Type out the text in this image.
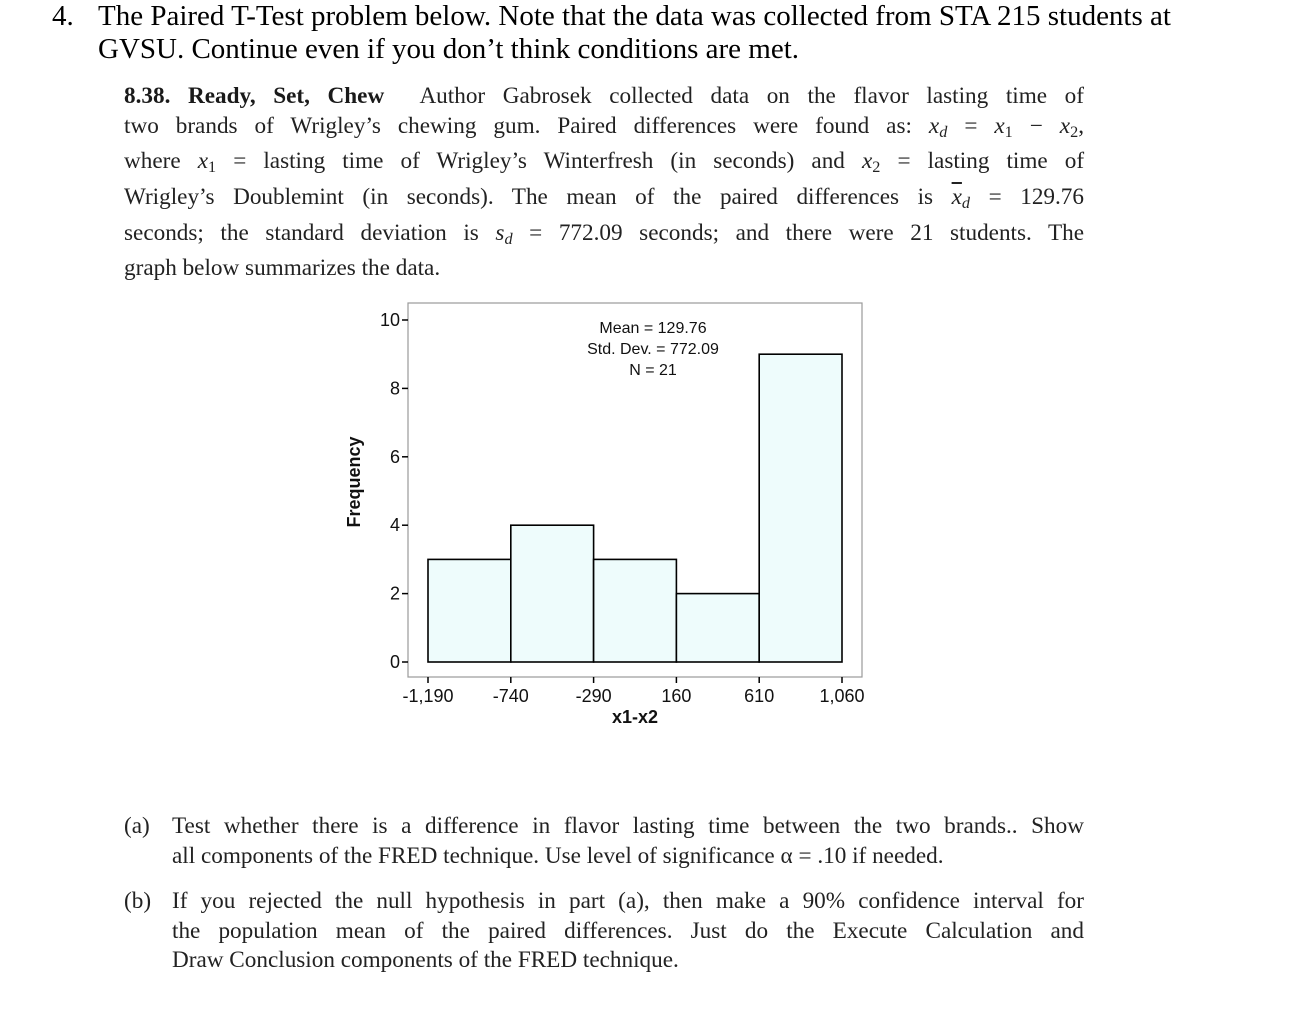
4. The Paired T-Test problem below. Note that the data was collected from STA 215 students at
GVSU. Continue even if you don’t think conditions are met.
8.38. Ready, Set, Chew Author Gabrosek collected data on the flavor lasting time of
two brands of Wrigley’s chewing gum. Paired differences were found as: $x_d = x1 - x2$,
where x1 = lasting time of Wrigley’s Winterfresh (in seconds) and x2 = lasting time of
Wrigley’s Doublemint (in seconds). The mean of the paired differences is $\overline{x}_d = 129.76$
seconds; the standard deviation is $s_d = 772.09$ seconds; and there were 21 students. The
graph below summarizes the data.
0
2
4
6
8
10
-1,190 -740	-290	160	610	1,060
x1-x2
Frequency
Mean = 129.76
Std. Dev. = 772.09
N = 21
(a) Test whether there is a difference in flavor lasting time between the two brands.. Show
all components of the FRED technique. Use level of significance α = .10 if needed.
(b) If you rejected the null hypothesis in part (a), then make a 90% confidence interval for
the population mean of the paired differences. Just do the Execute Calculation and
Draw Conclusion components of the FRED technique.
